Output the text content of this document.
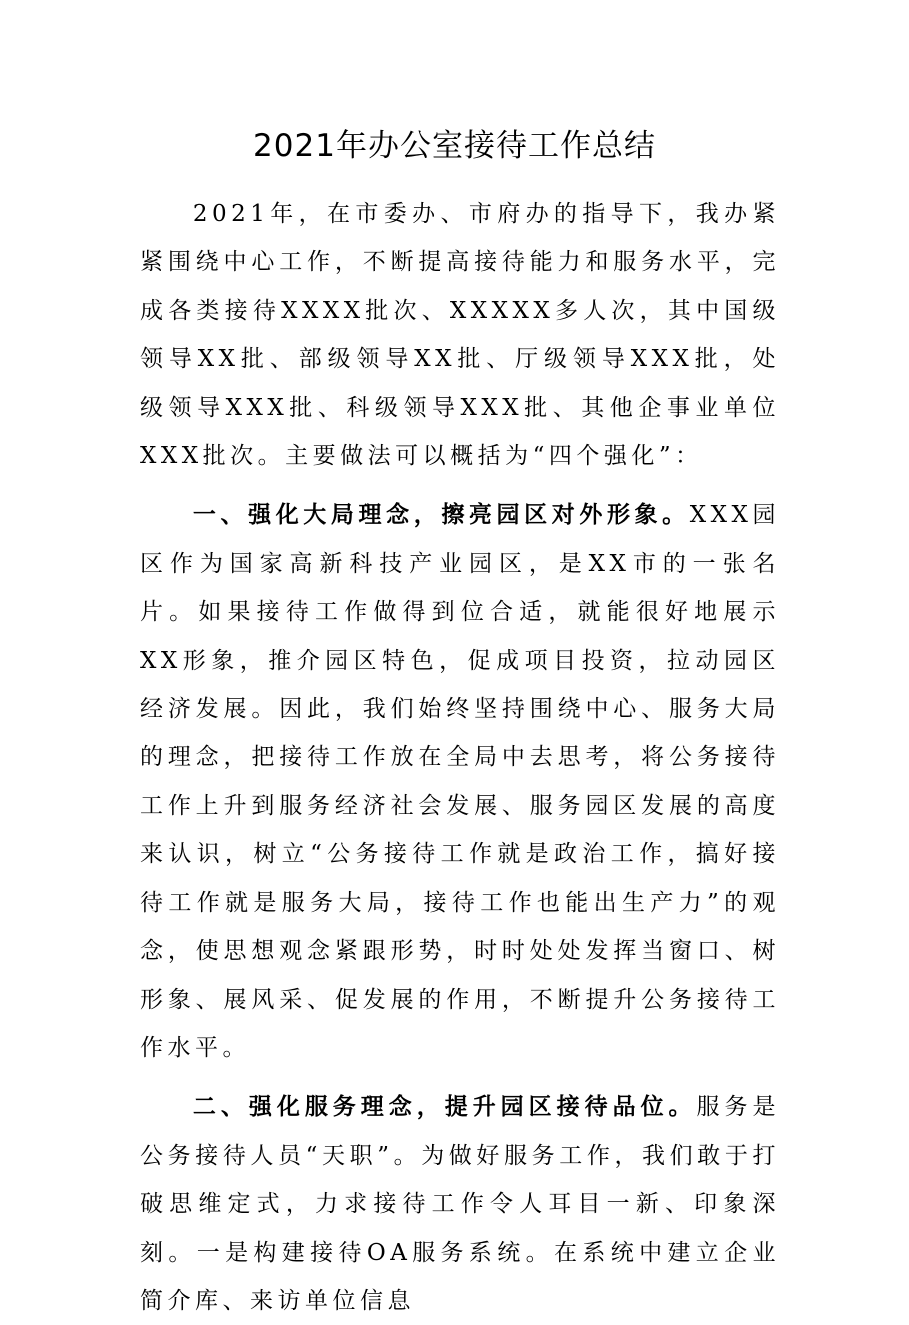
2021年办公室接待工作总结

2021年，在市委办、市府办的指导下，我办紧紧围绕中心工作，不断提高接待能力和服务水平，完成各类接待XXXX批次、XXXXX多人次，其中国级领导XX批、部级领导XX批、厅级领导XXX批，处级领导XXX批、科级领导XXX批、其他企事业单位XXX批次。主要做法可以概括为“四个强化”：

一、强化大局理念，擦亮园区对外形象。XXX园区作为国家高新科技产业园区，是XX市的一张名片。如果接待工作做得到位合适，就能很好地展示XX形象，推介园区特色，促成项目投资，拉动园区经济发展。因此，我们始终坚持围绕中心、服务大局的理念，把接待工作放在全局中去思考，将公务接待工作上升到服务经济社会发展、服务园区发展的高度来认识，树立“公务接待工作就是政治工作，搞好接待工作就是服务大局，接待工作也能出生产力”的观念，使思想观念紧跟形势，时时处处发挥当窗口、树形象、展风采、促发展的作用，不断提升公务接待工作水平。

二、强化服务理念，提升园区接待品位。服务是公务接待人员“天职”。为做好服务工作，我们敢于打破思维定式，力求接待工作令人耳目一新、印象深刻。一是构建接待OA服务系统。在系统中建立企业简介库、来访单位信息
